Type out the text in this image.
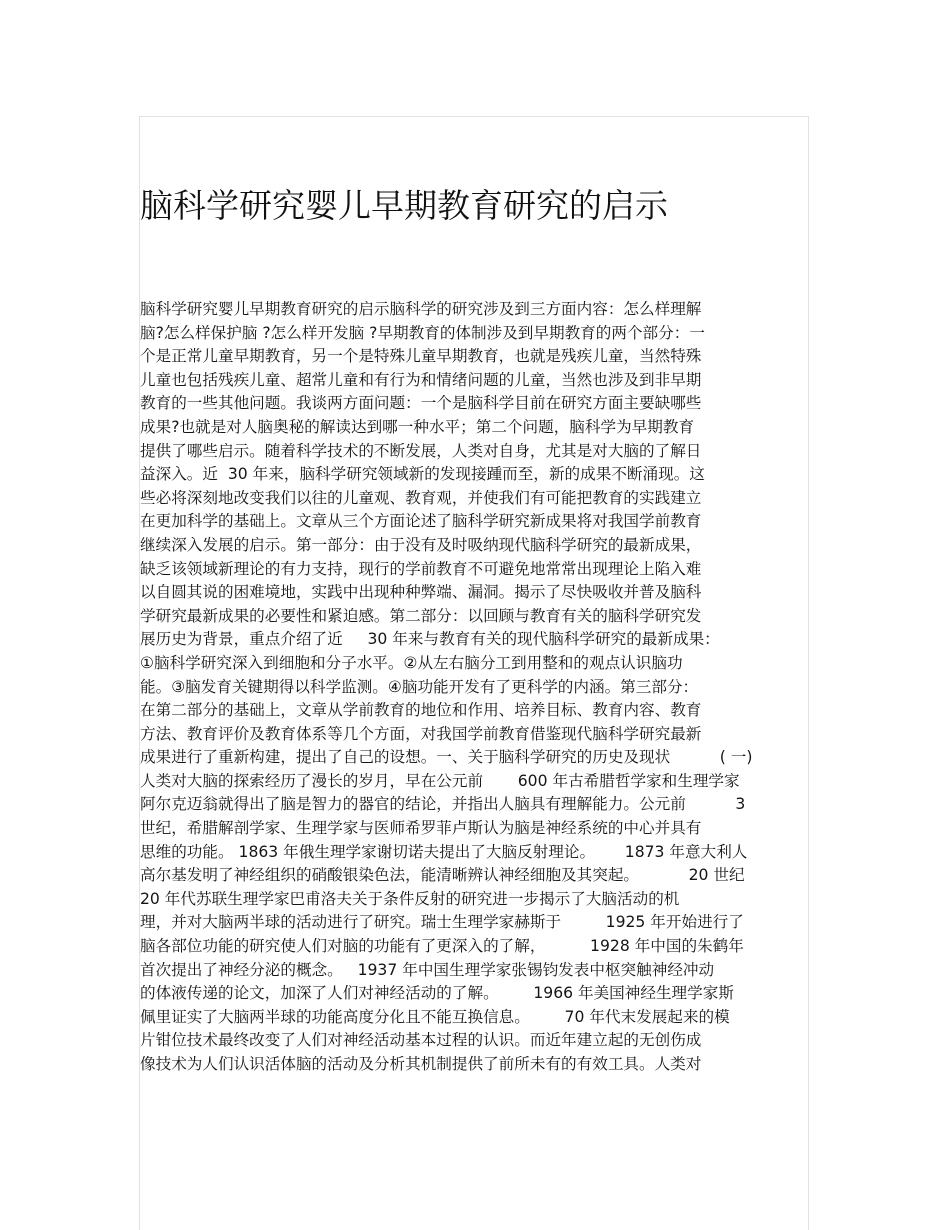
脑科学研究婴儿早期教育研究的启示
脑科学研究婴儿早期教育研究的启示脑科学的研究涉及到三方面内容：怎么样理解
脑?怎么样保护脑 ?怎么样开发脑 ?早期教育的体制涉及到早期教育的两个部分：一
个是正常儿童早期教育，另一个是特殊儿童早期教育，也就是残疾儿童，当然特殊
儿童也包括残疾儿童、超常儿童和有行为和情绪问题的儿童，当然也涉及到非早期
教育的一些其他问题。我谈两方面问题：一个是脑科学目前在研究方面主要缺哪些
成果?也就是对人脑奥秘的解读达到哪一种水平；第二个问题，脑科学为早期教育
提供了哪些启示。随着科学技术的不断发展，人类对自身，尤其是对大脑的了解日
益深入。近  30 年来，脑科学研究领域新的发现接踵而至，新的成果不断涌现。这
些必将深刻地改变我们以往的儿童观、教育观，并使我们有可能把教育的实践建立
在更加科学的基础上。文章从三个方面论述了脑科学研究新成果将对我国学前教育
继续深入发展的启示。第一部分：由于没有及时吸纳现代脑科学研究的最新成果，
缺乏该领域新理论的有力支持，现行的学前教育不可避免地常常出现理论上陷入难
以自圆其说的困难境地，实践中出现种种弊端、漏洞。揭示了尽快吸收并普及脑科
学研究最新成果的必要性和紧迫感。第二部分：以回顾与教育有关的脑科学研究发
展历史为背景，重点介绍了近     30 年来与教育有关的现代脑科学研究的最新成果：
①脑科学研究深入到细胞和分子水平。②从左右脑分工到用整和的观点认识脑功
能。③脑发育关键期得以科学监测。④脑功能开发有了更科学的内涵。第三部分：
在第二部分的基础上，文章从学前教育的地位和作用、培养目标、教育内容、教育
方法、教育评价及教育体系等几个方面，对我国学前教育借鉴现代脑科学研究最新
成果进行了重新构建，提出了自己的设想。一、关于脑科学研究的历史及现状          ( 一)
人类对大脑的探索经历了漫长的岁月，早在公元前       600 年古希腊哲学家和生理学家
阿尔克迈翁就得出了脑是智力的器官的结论，并指出人脑具有理解能力。公元前          3
世纪，希腊解剖学家、生理学家与医师希罗菲卢斯认为脑是神经系统的中心并具有
思维的功能。 1863 年俄生理学家谢切诺夫提出了大脑反射理论。      1873 年意大利人
高尔基发明了神经组织的硝酸银染色法，能清晰辨认神经细胞及其突起。          20 世纪
20 年代苏联生理学家巴甫洛夫关于条件反射的研究进一步揭示了大脑活动的机
理，并对大脑两半球的活动进行了研究。瑞士生理学家赫斯于         1925 年开始进行了
脑各部位功能的研究使人们对脑的功能有了更深入的了解，         1928 年中国的朱鹤年
首次提出了神经分泌的概念。   1937 年中国生理学家张锡钧发表中枢突触神经冲动
的体液传递的论文，加深了人们对神经活动的了解。       1966 年美国神经生理学家斯
佩里证实了大脑两半球的功能高度分化且不能互换信息。       70 年代末发展起来的模
片钳位技术最终改变了人们对神经活动基本过程的认识。而近年建立起的无创伤成
像技术为人们认识活体脑的活动及分析其机制提供了前所未有的有效工具。人类对
